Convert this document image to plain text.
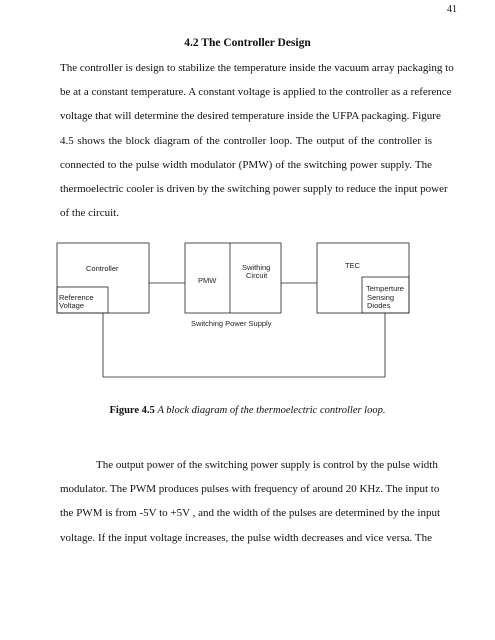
41
4.2 The Controller Design
The controller is design to stabilize the temperature inside the vacuum array packaging to
be at a constant temperature. A constant voltage is applied to the controller as a reference
voltage that will determine the desired temperature inside the UFPA packaging. Figure
4.5 shows the block diagram of the controller loop. The output of the controller is
connected to the pulse width modulator (PMW) of the switching power supply. The
thermoelectric cooler is driven by the switching power supply to reduce the input power
of the circuit.
Controller
Reference
Voltage
PMW
Swithing
Circuit
Switching Power Supply
TEC
Temperture
Sensing
Diodes
Figure 4.5 A block diagram of the thermoelectric controller loop.
The output power of the switching power supply is control by the pulse width
modulator. The PWM produces pulses with frequency of around 20 KHz. The input to
the PWM is from -5V to +5V , and the width of the pulses are determined by the input
voltage. If the input voltage increases, the pulse width decreases and vice versa. The
